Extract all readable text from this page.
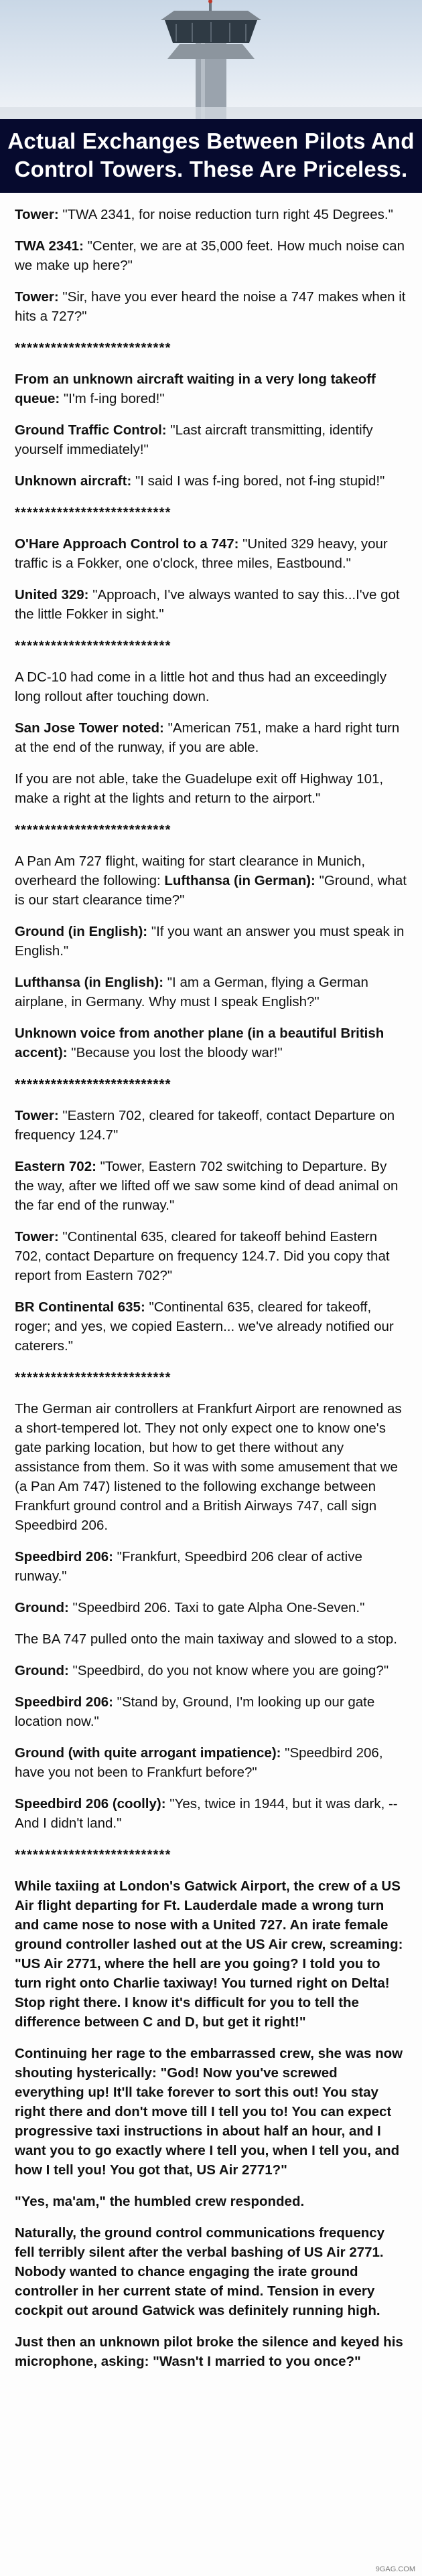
Actual Exchanges Between Pilots And Control Towers. These Are Priceless.

Tower: "TWA 2341, for noise reduction turn right 45 Degrees."

TWA 2341: "Center, we are at 35,000 feet. How much noise can we make up here?"

Tower: "Sir, have you ever heard the noise a 747 makes when it hits a 727?"

**************************

From an unknown aircraft waiting in a very long takeoff queue: "I'm f-ing bored!"

Ground Traffic Control: "Last aircraft transmitting, identify yourself immediately!"

Unknown aircraft: "I said I was f-ing bored, not f-ing stupid!"

**************************

O'Hare Approach Control to a 747: "United 329 heavy, your traffic is a Fokker, one o'clock, three miles, Eastbound."

United 329: "Approach, I've always wanted to say this...I've got the little Fokker in sight."

**************************

A DC-10 had come in a little hot and thus had an exceedingly long rollout after touching down.

San Jose Tower noted: "American 751, make a hard right turn at the end of the runway, if you are able.

If you are not able, take the Guadelupe exit off Highway 101, make a right at the lights and return to the airport."

**************************

A Pan Am 727 flight, waiting for start clearance in Munich, overheard the following: Lufthansa (in German): "Ground, what is our start clearance time?"

Ground (in English): "If you want an answer you must speak in English."

Lufthansa (in English): "I am a German, flying a German airplane, in Germany. Why must I speak English?"

Unknown voice from another plane (in a beautiful British accent): "Because you lost the bloody war!"

**************************

Tower: "Eastern 702, cleared for takeoff, contact Departure on frequency 124.7"

Eastern 702: "Tower, Eastern 702 switching to Departure. By the way, after we lifted off we saw some kind of dead animal on the far end of the runway."

Tower: "Continental 635, cleared for takeoff behind Eastern 702, contact Departure on frequency 124.7. Did you copy that report from Eastern 702?"

BR Continental 635: "Continental 635, cleared for takeoff, roger; and yes, we copied Eastern... we've already notified our caterers."

**************************

The German air controllers at Frankfurt Airport are renowned as a short-tempered lot. They not only expect one to know one's gate parking location, but how to get there without any assistance from them. So it was with some amusement that we (a Pan Am 747) listened to the following exchange between Frankfurt ground control and a British Airways 747, call sign Speedbird 206.

Speedbird 206: "Frankfurt, Speedbird 206 clear of active runway."

Ground: "Speedbird 206. Taxi to gate Alpha One-Seven."

The BA 747 pulled onto the main taxiway and slowed to a stop.

Ground: "Speedbird, do you not know where you are going?"

Speedbird 206: "Stand by, Ground, I'm looking up our gate location now."

Ground (with quite arrogant impatience): "Speedbird 206, have you not been to Frankfurt before?"

Speedbird 206 (coolly): "Yes, twice in 1944, but it was dark, -- And I didn't land."

**************************

While taxiing at London's Gatwick Airport, the crew of a US Air flight departing for Ft. Lauderdale made a wrong turn and came nose to nose with a United 727. An irate female ground controller lashed out at the US Air crew, screaming: "US Air 2771, where the hell are you going? I told you to turn right onto Charlie taxiway! You turned right on Delta! Stop right there. I know it's difficult for you to tell the difference between C and D, but get it right!"

Continuing her rage to the embarrassed crew, she was now shouting hysterically: "God! Now you've screwed everything up! It'll take forever to sort this out! You stay right there and don't move till I tell you to! You can expect progressive taxi instructions in about half an hour, and I want you to go exactly where I tell you, when I tell you, and how I tell you! You got that, US Air 2771?"

"Yes, ma'am," the humbled crew responded.

Naturally, the ground control communications frequency fell terribly silent after the verbal bashing of US Air 2771. Nobody wanted to chance engaging the irate ground controller in her current state of mind. Tension in every cockpit out around Gatwick was definitely running high.

Just then an unknown pilot broke the silence and keyed his microphone, asking: "Wasn't I married to you once?"

9GAG.COM
